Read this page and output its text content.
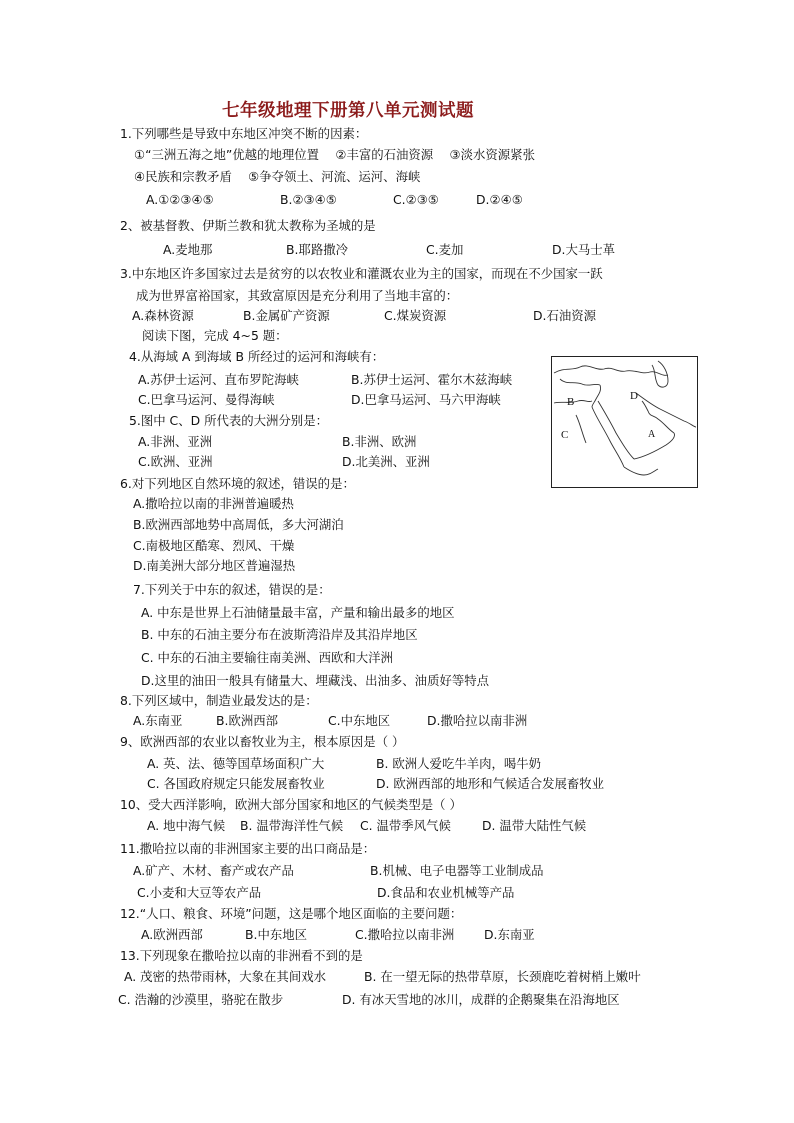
七年级地理下册第八单元测试题
1.下列哪些是导致中东地区冲突不断的因素：
①“三洲五海之地”优越的地理位置　 ②丰富的石油资源　 ③淡水资源紧张
④民族和宗教矛盾　 ⑤争夺领土、河流、运河、海峡
A.①②③④⑤	B.②③④⑤	C.②③⑤	D.②④⑤
2、被基督教、伊斯兰教和犹太教称为圣城的是
A.麦地那	B.耶路撒冷	C.麦加	D.大马士革
3.中东地区许多国家过去是贫穷的以农牧业和灌溉农业为主的国家，而现在不少国家一跃
成为世界富裕国家，其致富原因是充分利用了当地丰富的：
A.森林资源	B.金属矿产资源	C.煤炭资源	D.石油资源
阅读下图，完成 4~5 题：
4.从海域 A 到海域 B 所经过的运河和海峡有：
A.苏伊士运河、直布罗陀海峡	B.苏伊士运河、霍尔木兹海峡
C.巴拿马运河、曼得海峡	D.巴拿马运河、马六甲海峡
5.图中 C、D 所代表的大洲分别是：
A.非洲、亚洲	B.非洲、欧洲
C.欧洲、亚洲	D.北美洲、亚洲
B
C
D
A
6.对下列地区自然环境的叙述，错误的是：
A.撒哈拉以南的非洲普遍暖热
B.欧洲西部地势中高周低，多大河湖泊
C.南极地区酷寒、烈风、干燥
D.南美洲大部分地区普遍湿热
7.下列关于中东的叙述，错误的是：
A. 中东是世界上石油储量最丰富，产量和输出最多的地区
B. 中东的石油主要分布在波斯湾沿岸及其沿岸地区
C. 中东的石油主要输往南美洲、西欧和大洋洲
D.这里的油田一般具有储量大、埋藏浅、出油多、油质好等特点
8.下列区域中，制造业最发达的是：
A.东南亚	B.欧洲西部	C.中东地区	D.撒哈拉以南非洲
9、欧洲西部的农业以畜牧业为主，根本原因是（ ）
A. 英、法、德等国草场面积广大	B. 欧洲人爱吃牛羊肉，喝牛奶
C. 各国政府规定只能发展畜牧业	D. 欧洲西部的地形和气候适合发展畜牧业
10、受大西洋影响，欧洲大部分国家和地区的气候类型是（ ）
A. 地中海气候 B. 温带海洋性气候 C. 温带季风气候	D. 温带大陆性气候
11.撒哈拉以南的非洲国家主要的出口商品是：
A.矿产、木材、畜产或农产品	B.机械、电子电器等工业制成品
C.小麦和大豆等农产品	D.食品和农业机械等产品
12.“人口、粮食、环境”问题，这是哪个地区面临的主要问题：
A.欧洲西部	B.中东地区	C.撒哈拉以南非洲 D.东南亚
13.下列现象在撒哈拉以南的非洲看不到的是
A. 茂密的热带雨林，大象在其间戏水	B. 在一望无际的热带草原，长颈鹿吃着树梢上嫩叶
C. 浩瀚的沙漠里，骆驼在散步	D. 有冰天雪地的冰川，成群的企鹅聚集在沿海地区
